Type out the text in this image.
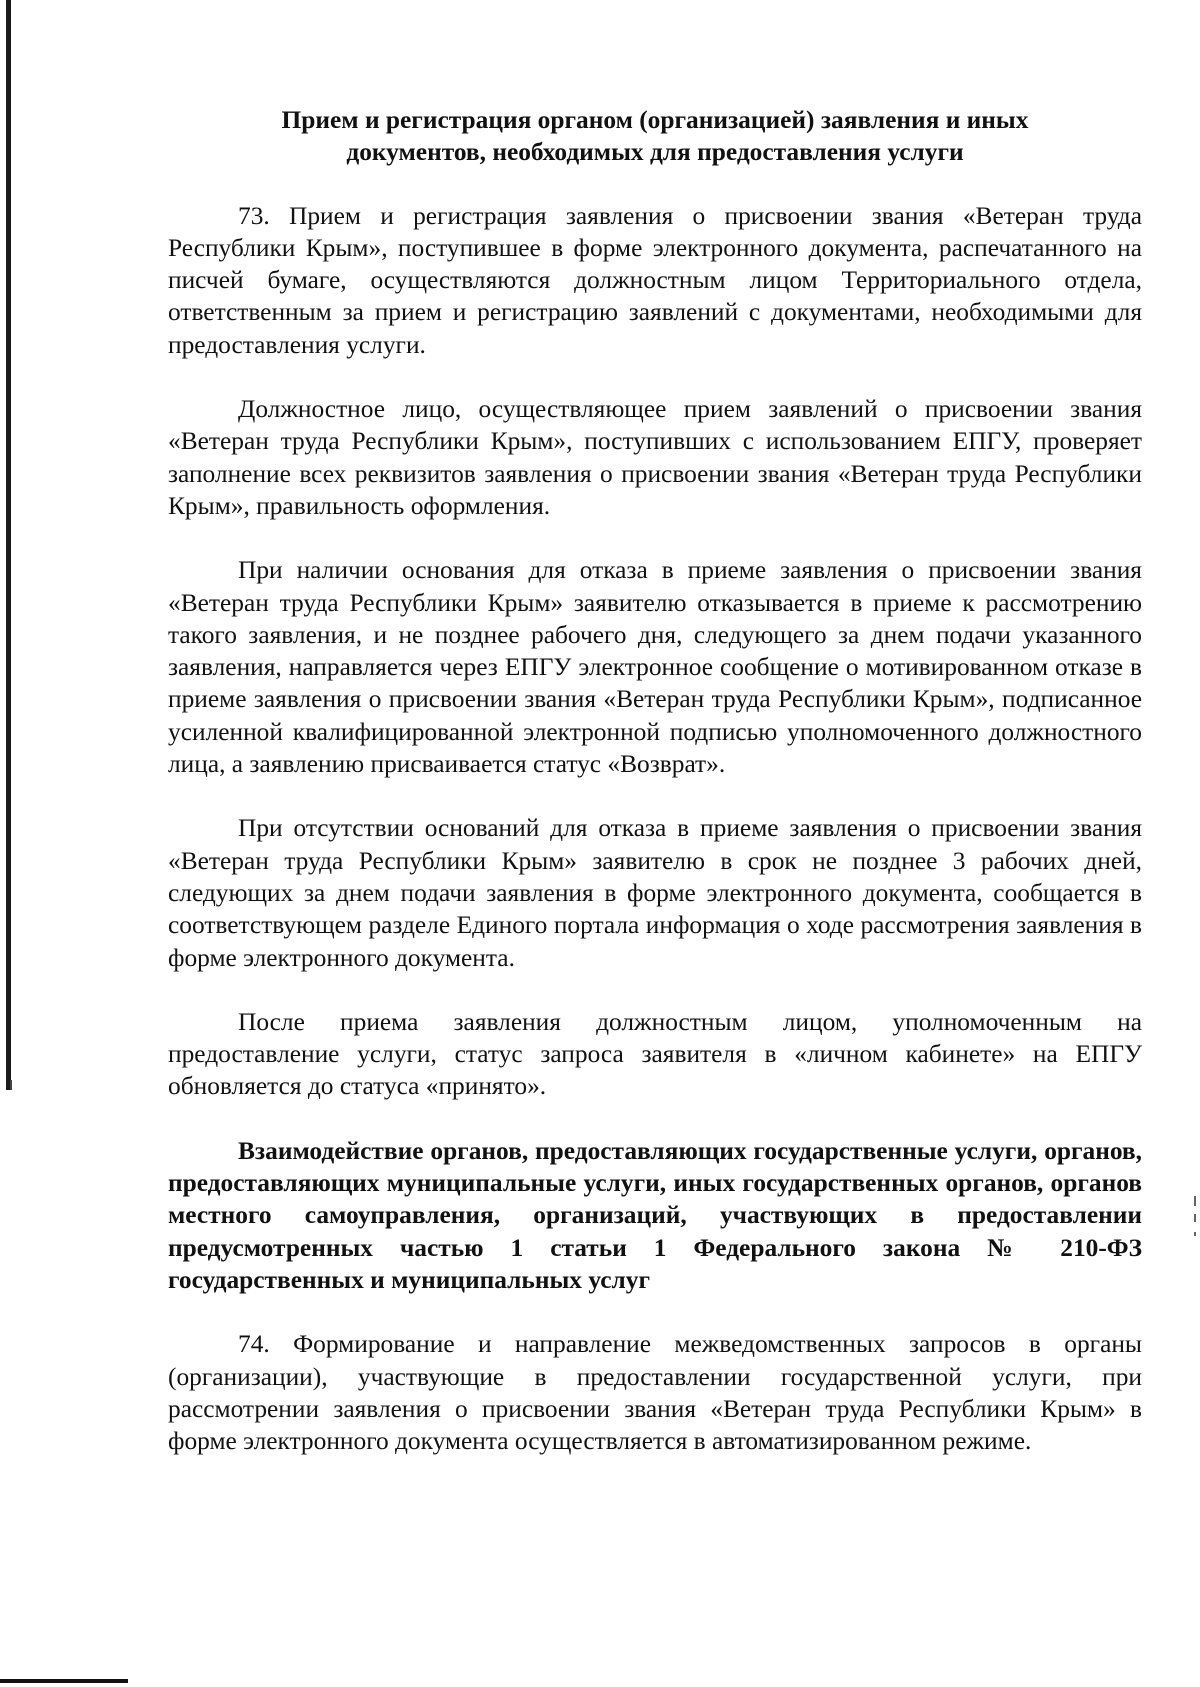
Прием и регистрация органом (организацией) заявления и иных
документов, необходимых для предоставления услуги

73. Прием и регистрация заявления о присвоении звания «Ветеран труда Республики Крым», поступившее в форме электронного документа, распечатанного на писчей бумаге, осуществляются должностным лицом Территориального отдела, ответственным за прием и регистрацию заявлений с документами, необходимыми для предоставления услуги.

Должностное лицо, осуществляющее прием заявлений о присвоении звания «Ветеран труда Республики Крым», поступивших с использованием ЕПГУ, проверяет заполнение всех реквизитов заявления о присвоении звания «Ветеран труда Республики Крым», правильность оформления.

При наличии основания для отказа в приеме заявления о присвоении звания «Ветеран труда Республики Крым» заявителю отказывается в приеме к рассмотрению такого заявления, и не позднее рабочего дня, следующего за днем подачи указанного заявления, направляется через ЕПГУ электронное сообщение о мотивированном отказе в приеме заявления о присвоении звания «Ветеран труда Республики Крым», подписанное усиленной квалифицированной электронной подписью уполномоченного должностного лица, а заявлению присваивается статус «Возврат».

При отсутствии оснований для отказа в приеме заявления о присвоении звания «Ветеран труда Республики Крым» заявителю в срок не позднее 3 рабочих дней, следующих за днем подачи заявления в форме электронного документа, сообщается в соответствующем разделе Единого портала информация о ходе рассмотрения заявления в форме электронного документа.

После приема заявления должностным лицом, уполномоченным на предоставление услуги, статус запроса заявителя в «личном кабинете» на ЕПГУ обновляется до статуса «принято».

Взаимодействие органов, предоставляющих государственные услуги, органов, предоставляющих муниципальные услуги, иных государственных органов, органов местного самоуправления, организаций, участвующих в предоставлении предусмотренных частью 1 статьи 1 Федерального закона № 210-ФЗ государственных и муниципальных услуг

74. Формирование и направление межведомственных запросов в органы (организации), участвующие в предоставлении государственной услуги, при рассмотрении заявления о присвоении звания «Ветеран труда Республики Крым» в форме электронного документа осуществляется в автоматизированном режиме.
